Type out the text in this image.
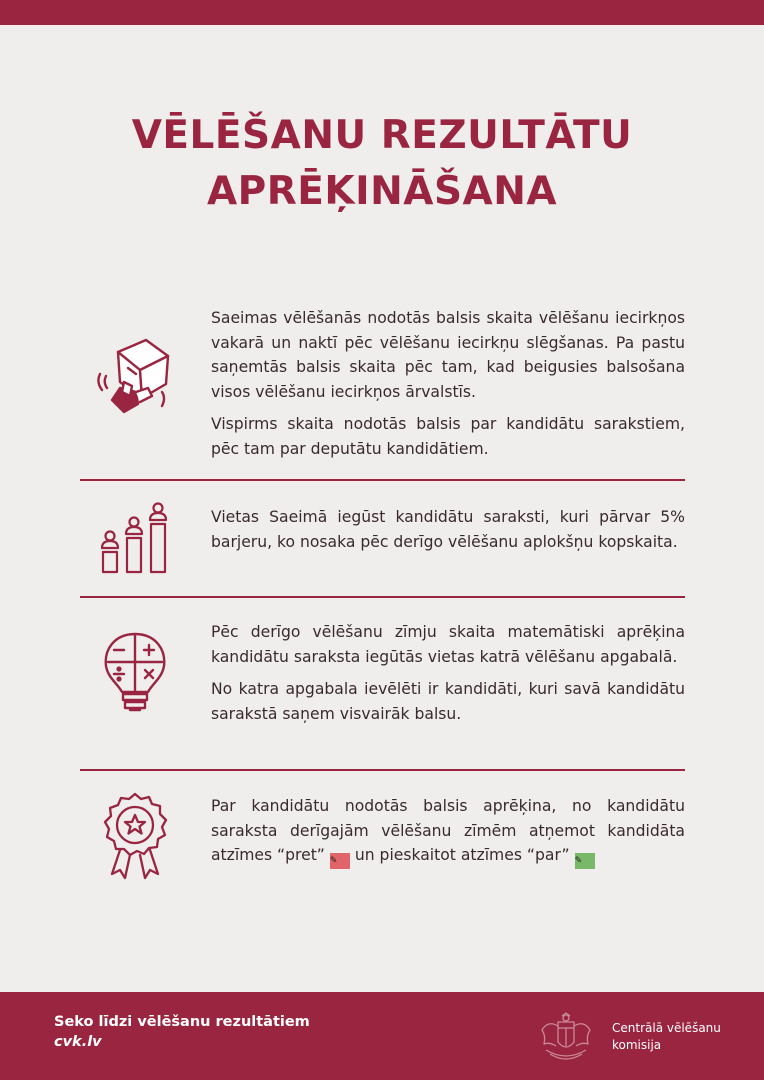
VĒLĒŠANU REZULTĀTU
APRĒĶINĀŠANA

Saeimas vēlēšanās nodotās balsis skaita vēlēšanu iecirkņos vakarā un naktī pēc vēlēšanu iecirkņu slēgšanas. Pa pastu saņemtās balsis skaita pēc tam, kad beigusies balsošana visos vēlēšanu iecirkņos ārvalstīs.

Vispirms skaita nodotās balsis par kandidātu sarakstiem, pēc tam par deputātu kandidātiem.

Vietas Saeimā iegūst kandidātu saraksti, kuri pārvar 5% barjeru, ko nosaka pēc derīgo vēlēšanu aplokšņu kopskaita.

Pēc derīgo vēlēšanu zīmju skaita matemātiski aprēķina kandidātu saraksta iegūtās vietas katrā vēlēšanu apgabalā.

No katra apgabala ievēlēti ir kandidāti, kuri savā kandidātu sarakstā saņem visvairāk balsu.

Par kandidātu nodotās balsis aprēķina, no kandidātu saraksta derīgajām vēlēšanu zīmēm atņemot kandidāta atzīmes “pret” ✎ un pieskaitot atzīmes “par” ✎

Seko līdzi vēlēšanu rezultātiem
cvk.lv
Centrālā vēlēšanu
komisija
